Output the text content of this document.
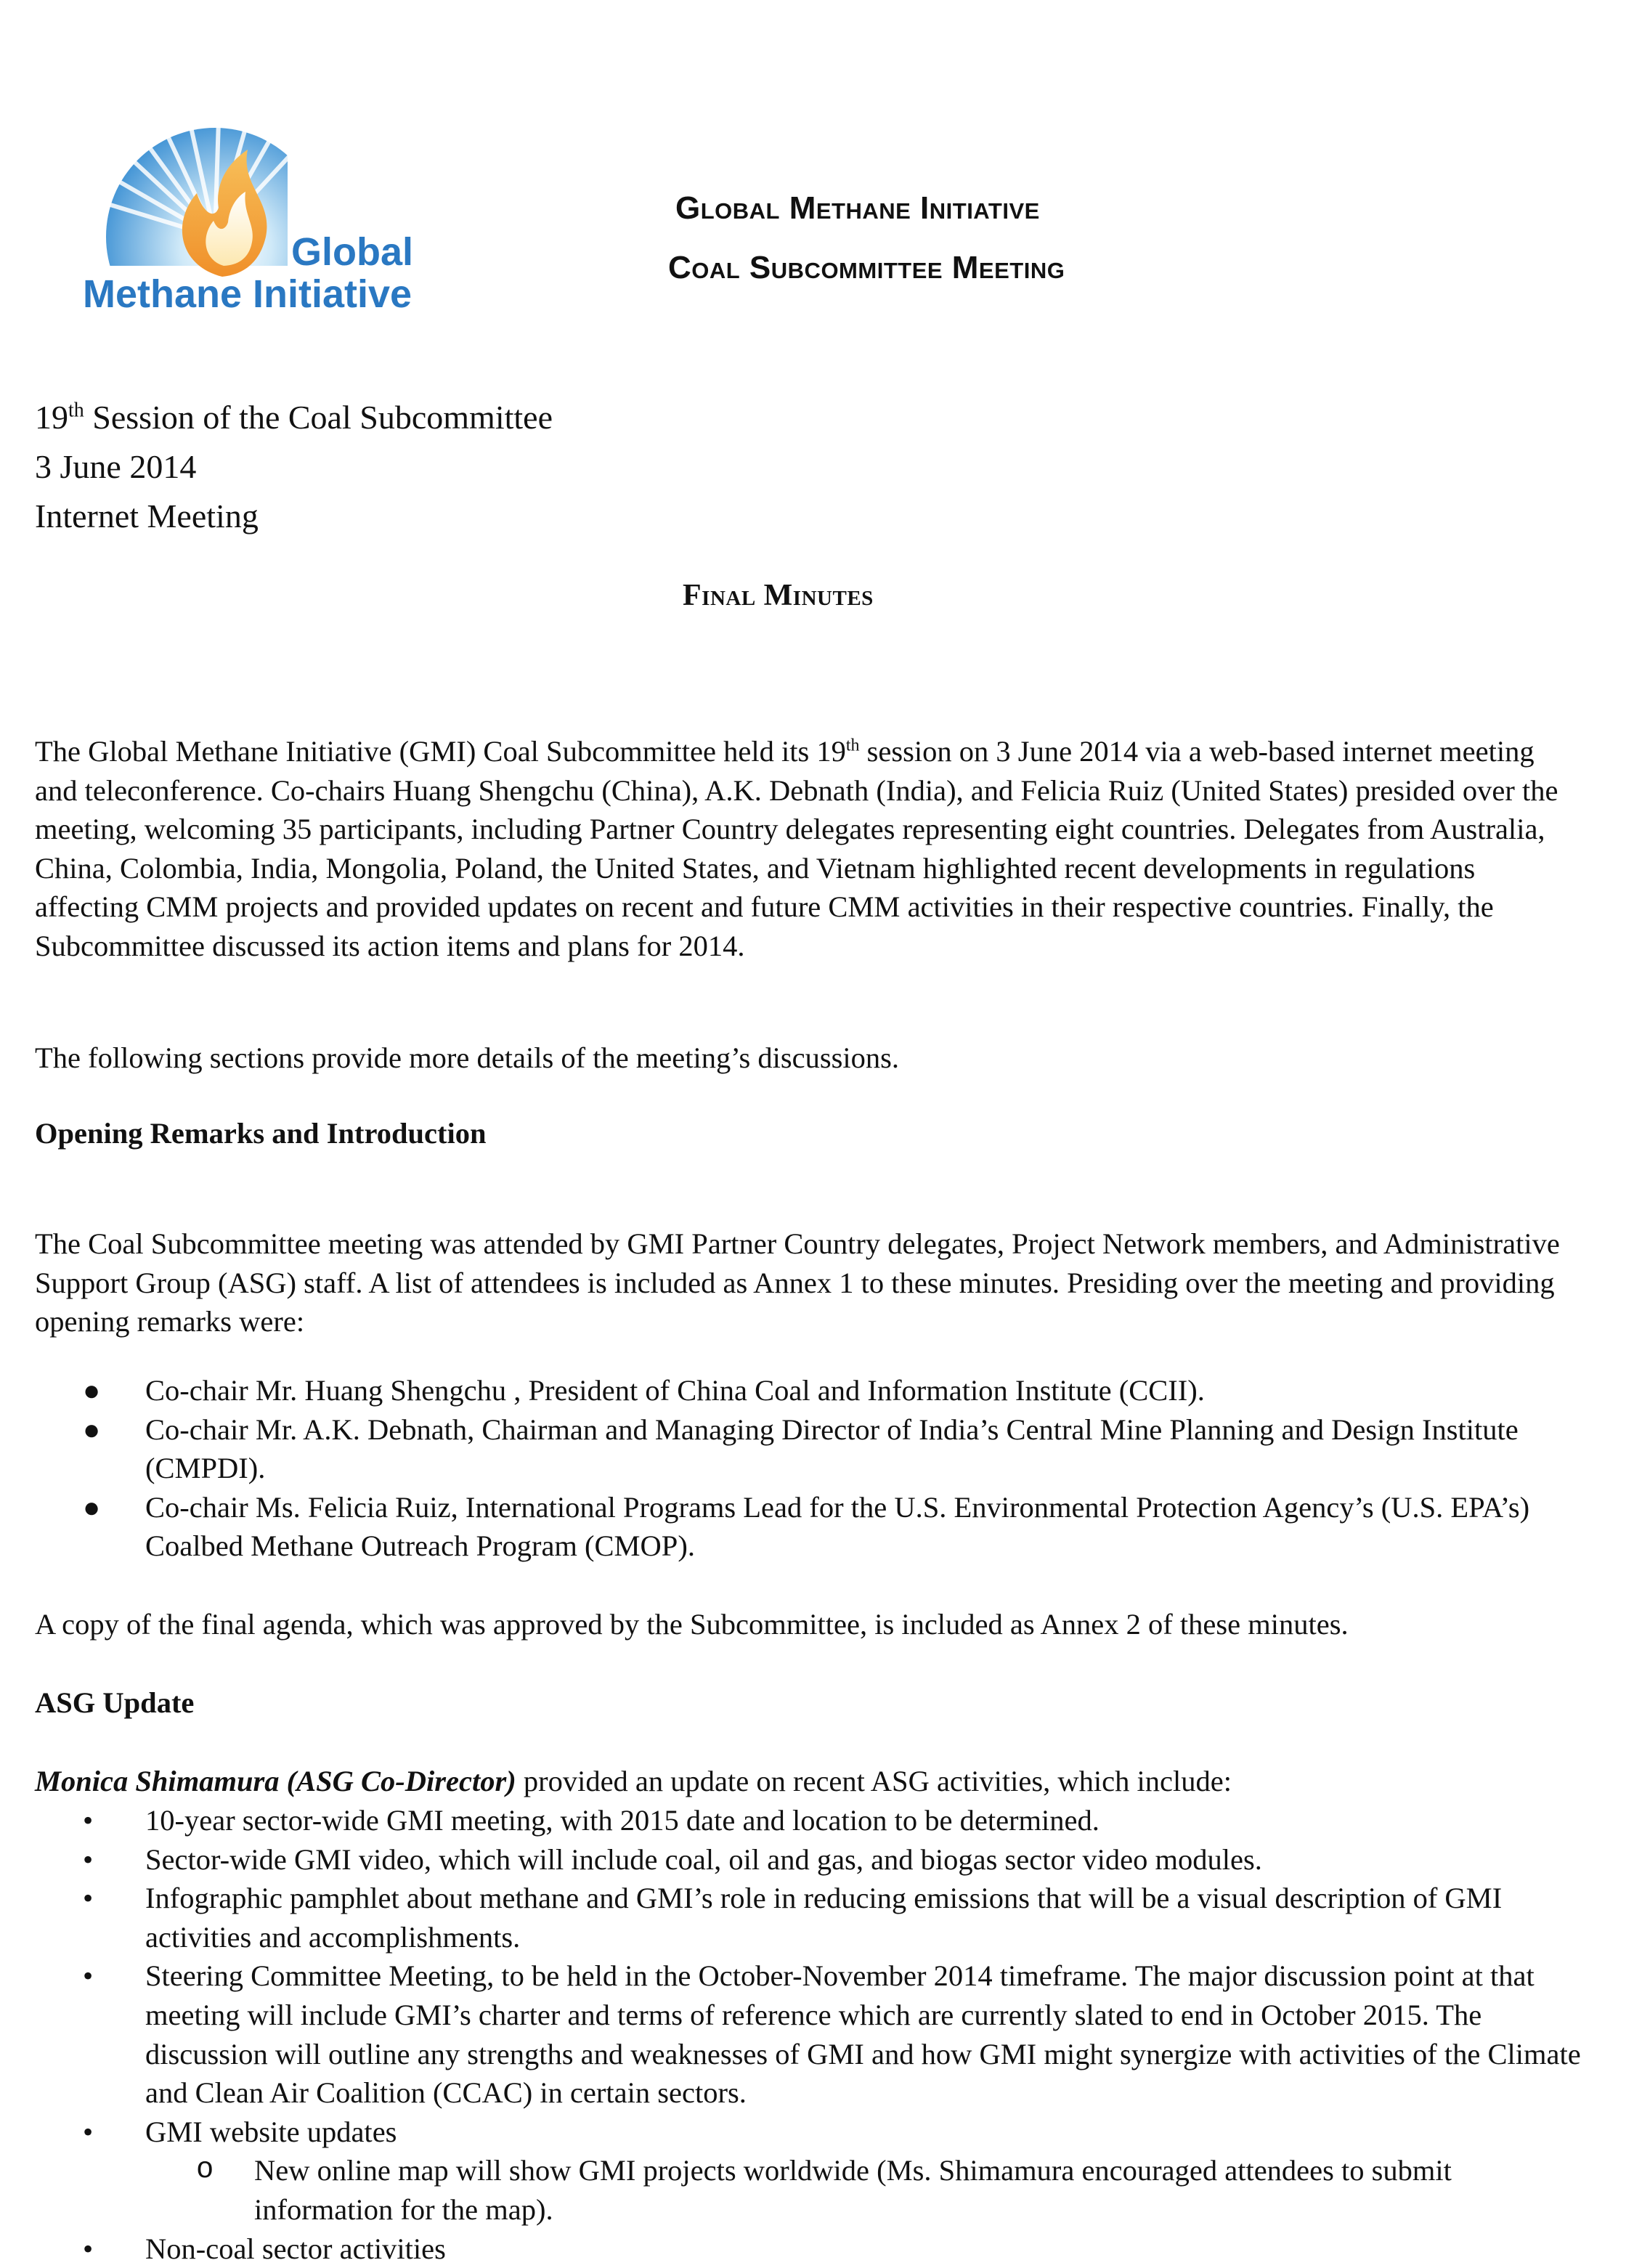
Global
Methane Initiative
Global Methane Initiative
Coal Subcommittee Meeting
19th Session of the Coal Subcommittee
3 June 2014
Internet Meeting
Final Minutes
The Global Methane Initiative (GMI) Coal Subcommittee held its 19th session on 3 June 2014 via a web-based internet meeting and teleconference. Co-chairs Huang Shengchu (China), A.K. Debnath (India), and Felicia Ruiz (United States) presided over the meeting, welcoming 35 participants, including Partner Country delegates representing eight countries. Delegates from Australia, China, Colombia, India, Mongolia, Poland, the United States, and Vietnam highlighted recent developments in regulations affecting CMM projects and provided updates on recent and future CMM activities in their respective countries. Finally, the Subcommittee discussed its action items and plans for 2014.
The following sections provide more details of the meeting’s discussions.
Opening Remarks and Introduction
The Coal Subcommittee meeting was attended by GMI Partner Country delegates, Project Network members, and Administrative Support Group (ASG) staff. A list of attendees is included as Annex 1 to these minutes. Presiding over the meeting and providing opening remarks were:
●	Co-chair Mr. Huang Shengchu , President of China Coal and Information Institute (CCII).
●	Co-chair Mr. A.K. Debnath, Chairman and Managing Director of India’s Central Mine Planning and Design Institute (CMPDI).
●	Co-chair Ms. Felicia Ruiz, International Programs Lead for the U.S. Environmental Protection Agency’s (U.S. EPA’s) Coalbed Methane Outreach Program (CMOP).
A copy of the final agenda, which was approved by the Subcommittee, is included as Annex 2 of these minutes.
ASG Update
Monica Shimamura (ASG Co-Director) provided an update on recent ASG activities, which include:
•	10-year sector-wide GMI meeting, with 2015 date and location to be determined.
•	Sector-wide GMI video, which will include coal, oil and gas, and biogas sector video modules.
•	Infographic pamphlet about methane and GMI’s role in reducing emissions that will be a visual description of GMI activities and accomplishments.
•	Steering Committee Meeting, to be held in the October-November 2014 timeframe. The major discussion point at that meeting will include GMI’s charter and terms of reference which are currently slated to end in October 2015. The discussion will outline any strengths and weaknesses of GMI and how GMI might synergize with activities of the Climate and Clean Air Coalition (CCAC) in certain sectors.
•	GMI website updates
o New online map will show GMI projects worldwide (Ms. Shimamura encouraged attendees to submit information for the map).
•	Non-coal sector activities
